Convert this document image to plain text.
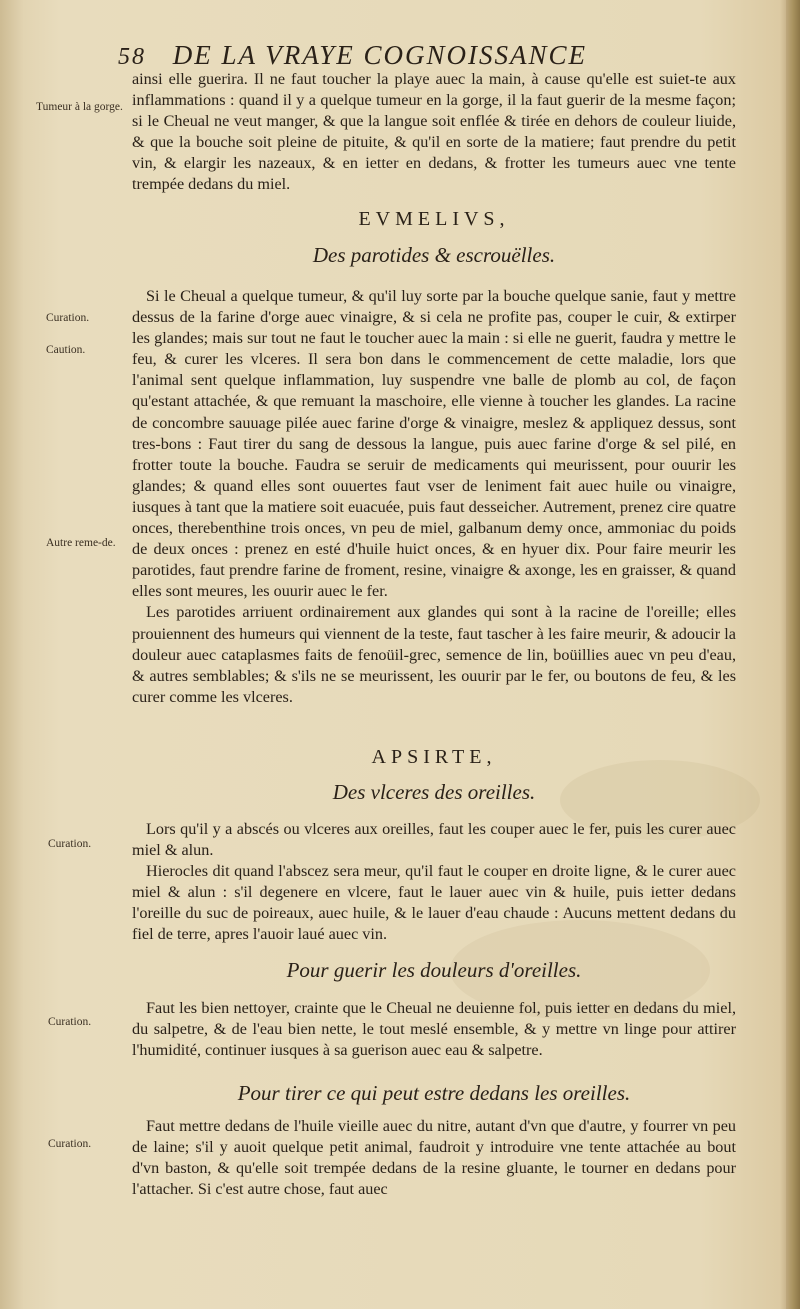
58 DE LA VRAYE COGNOISSANCE
Tumeur à la gorge.
Curation.
Caution.
Autre reme-de.
Curation.
Curation.
Curation.

ainsi elle guerira. Il ne faut toucher la playe auec la main, à cause qu'elle est suiet-te aux inflammations : quand il y a quelque tumeur en la gorge, il la faut guerir de la mesme façon; si le Cheual ne veut manger, & que la langue soit enflée & tirée en dehors de couleur liuide, & que la bouche soit pleine de pituite, & qu'il en sorte de la matiere; faut prendre du petit vin, & elargir les nazeaux, & en ietter en dedans, & frotter les tumeurs auec vne tente trempée dedans du miel.

EVMELIVS,
Des parotides & escrouëlles.

Si le Cheual a quelque tumeur, & qu'il luy sorte par la bouche quelque sanie, faut y mettre dessus de la farine d'orge auec vinaigre, & si cela ne profite pas, couper le cuir, & extirper les glandes; mais sur tout ne faut le toucher auec la main : si elle ne guerit, faudra y mettre le feu, & curer les vlceres. Il sera bon dans le commencement de cette maladie, lors que l'animal sent quelque inflammation, luy suspendre vne balle de plomb au col, de façon qu'estant attachée, & que remuant la maschoire, elle vienne à toucher les glandes. La racine de concombre sauuage pilée auec farine d'orge & vinaigre, meslez & appliquez dessus, sont tres-bons : Faut tirer du sang de dessous la langue, puis auec farine d'orge & sel pilé, en frotter toute la bouche. Faudra se seruir de medicaments qui meurissent, pour ouurir les glandes; & quand elles sont ouuertes faut vser de leniment fait auec huile ou vinaigre, iusques à tant que la matiere soit euacuée, puis faut desseicher. Autrement, prenez cire quatre onces, therebenthine trois onces, vn peu de miel, galbanum demy once, ammoniac du poids de deux onces : prenez en esté d'huile huict onces, & en hyuer dix. Pour faire meurir les parotides, faut prendre farine de froment, resine, vinaigre & axonge, les en graisser, & quand elles sont meures, les ouurir auec le fer.

Les parotides arriuent ordinairement aux glandes qui sont à la racine de l'oreille; elles prouiennent des humeurs qui viennent de la teste, faut tascher à les faire meurir, & adoucir la douleur auec cataplasmes faits de fenoüil-grec, semence de lin, boüillies auec vn peu d'eau, & autres semblables; & s'ils ne se meurissent, les ouurir par le fer, ou boutons de feu, & les curer comme les vlceres.

APSIRTE,
Des vlceres des oreilles.

Lors qu'il y a abscés ou vlceres aux oreilles, faut les couper auec le fer, puis les curer auec miel & alun.

Hierocles dit quand l'abscez sera meur, qu'il faut le couper en droite ligne, & le curer auec miel & alun : s'il degenere en vlcere, faut le lauer auec vin & huile, puis ietter dedans l'oreille du suc de poireaux, auec huile, & le lauer d'eau chaude : Aucuns mettent dedans du fiel de terre, apres l'auoir laué auec vin.

Pour guerir les douleurs d'oreilles.

Faut les bien nettoyer, crainte que le Cheual ne deuienne fol, puis ietter en dedans du miel, du salpetre, & de l'eau bien nette, le tout meslé ensemble, & y mettre vn linge pour attirer l'humidité, continuer iusques à sa guerison auec eau & salpetre.

Pour tirer ce qui peut estre dedans les oreilles.

Faut mettre dedans de l'huile vieille auec du nitre, autant d'vn que d'autre, y fourrer vn peu de laine; s'il y auoit quelque petit animal, faudroit y introduire vne tente attachée au bout d'vn baston, & qu'elle soit trempée dedans de la resine gluante, le tourner en dedans pour l'attacher. Si c'est autre chose, faut auec
